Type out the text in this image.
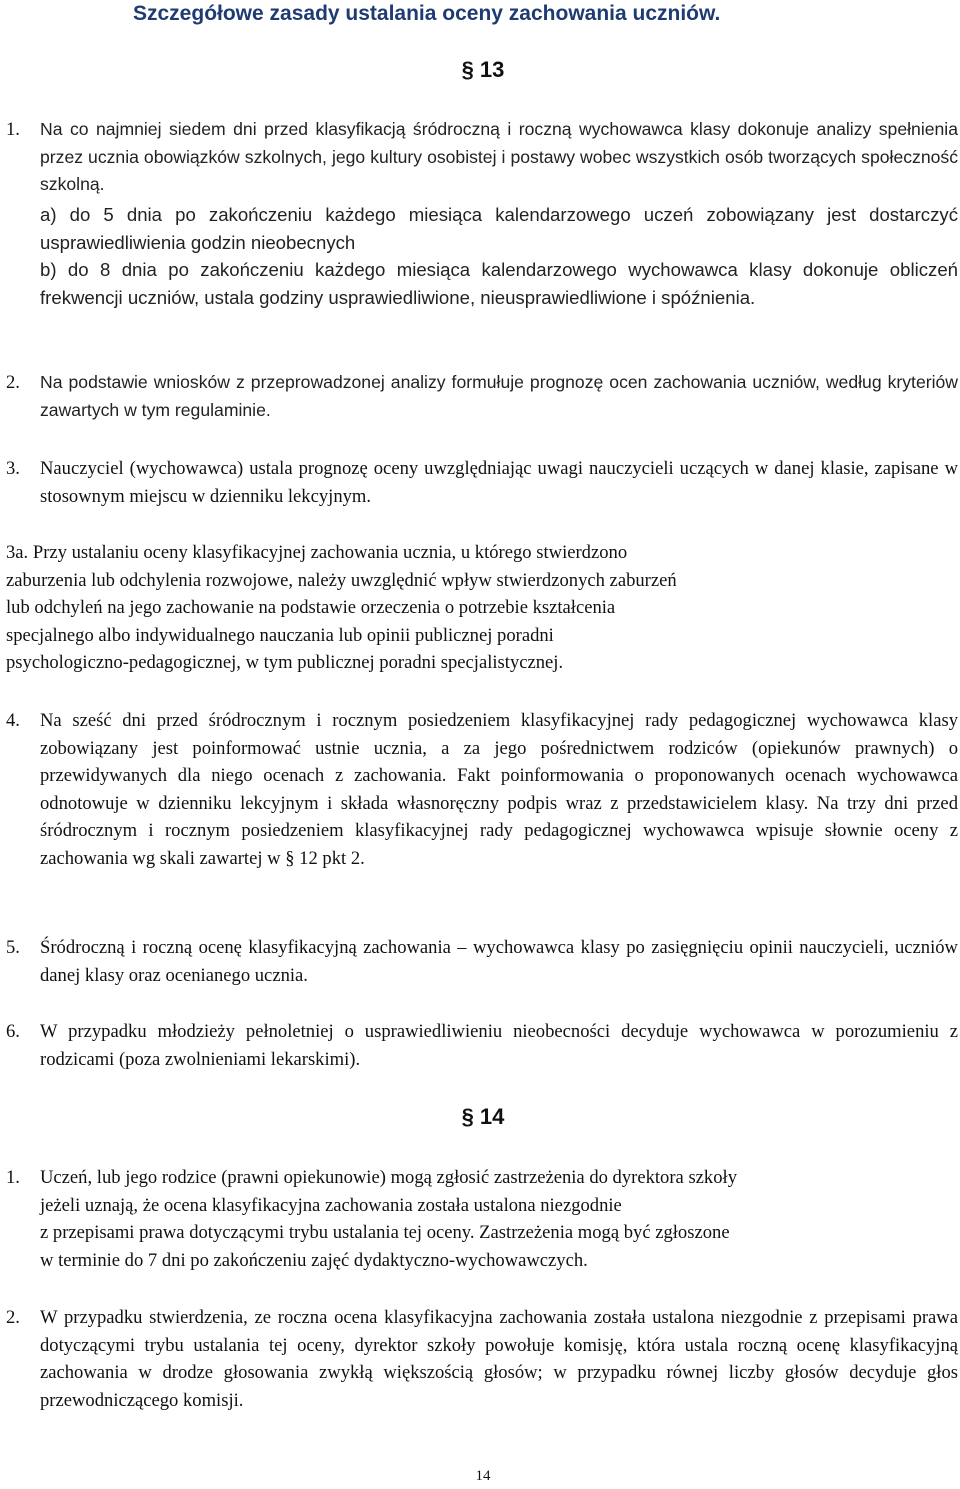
Szczegółowe zasady ustalania oceny zachowania uczniów.
§ 13
1. Na co najmniej siedem dni przed klasyfikacją śródroczną i roczną wychowawca klasy dokonuje analizy spełnienia przez ucznia obowiązków szkolnych, jego kultury osobistej i postawy wobec wszystkich osób tworzących społeczność szkolną.
a) do 5 dnia po zakończeniu każdego miesiąca kalendarzowego uczeń zobowiązany jest dostarczyć usprawiedliwienia godzin nieobecnych
b) do 8 dnia po zakończeniu każdego miesiąca kalendarzowego wychowawca klasy dokonuje obliczeń frekwencji uczniów, ustala godziny usprawiedliwione, nieusprawiedliwione i spóźnienia.
2. Na podstawie wniosków z przeprowadzonej analizy formułuje prognozę ocen zachowania uczniów, według kryteriów zawartych w tym regulaminie.
3. Nauczyciel (wychowawca) ustala prognozę oceny uwzględniając uwagi nauczycieli uczących w danej klasie, zapisane w stosownym miejscu w dzienniku lekcyjnym.
3a. Przy ustalaniu oceny klasyfikacyjnej zachowania ucznia, u którego stwierdzono
zaburzenia lub odchylenia rozwojowe, należy uwzględnić wpływ stwierdzonych zaburzeń
lub odchyleń na jego zachowanie na podstawie orzeczenia o potrzebie kształcenia
specjalnego albo indywidualnego nauczania lub opinii publicznej poradni
psychologiczno-pedagogicznej, w tym publicznej poradni specjalistycznej.
4. Na sześć dni przed śródrocznym i rocznym posiedzeniem klasyfikacyjnej rady pedagogicznej wychowawca klasy zobowiązany jest poinformować ustnie ucznia, a za jego pośrednictwem rodziców (opiekunów prawnych) o przewidywanych dla niego ocenach z zachowania. Fakt poinformowania o proponowanych ocenach wychowawca odnotowuje w dzienniku lekcyjnym i składa własnoręczny podpis wraz z przedstawicielem klasy. Na trzy dni przed śródrocznym i rocznym posiedzeniem klasyfikacyjnej rady pedagogicznej wychowawca wpisuje słownie oceny z zachowania wg skali zawartej w § 12 pkt 2.
5. Śródroczną i roczną ocenę klasyfikacyjną zachowania – wychowawca klasy po zasięgnięciu opinii nauczycieli, uczniów danej klasy oraz ocenianego ucznia.
6. W przypadku młodzieży pełnoletniej o usprawiedliwieniu nieobecności decyduje wychowawca w porozumieniu z rodzicami (poza zwolnieniami lekarskimi).
§ 14
1. Uczeń, lub jego rodzice (prawni opiekunowie) mogą zgłosić zastrzeżenia do dyrektora szkoły
jeżeli uznają, że ocena klasyfikacyjna zachowania została ustalona niezgodnie
z przepisami prawa dotyczącymi trybu ustalania tej oceny. Zastrzeżenia mogą być zgłoszone
w terminie do 7 dni po zakończeniu zajęć dydaktyczno-wychowawczych.
2. W przypadku stwierdzenia, ze roczna ocena klasyfikacyjna zachowania została ustalona niezgodnie z przepisami prawa dotyczącymi trybu ustalania tej oceny, dyrektor szkoły powołuje komisję, która ustala roczną ocenę klasyfikacyjną zachowania w drodze głosowania zwykłą większością głosów; w przypadku równej liczby głosów decyduje głos przewodniczącego komisji.
14
